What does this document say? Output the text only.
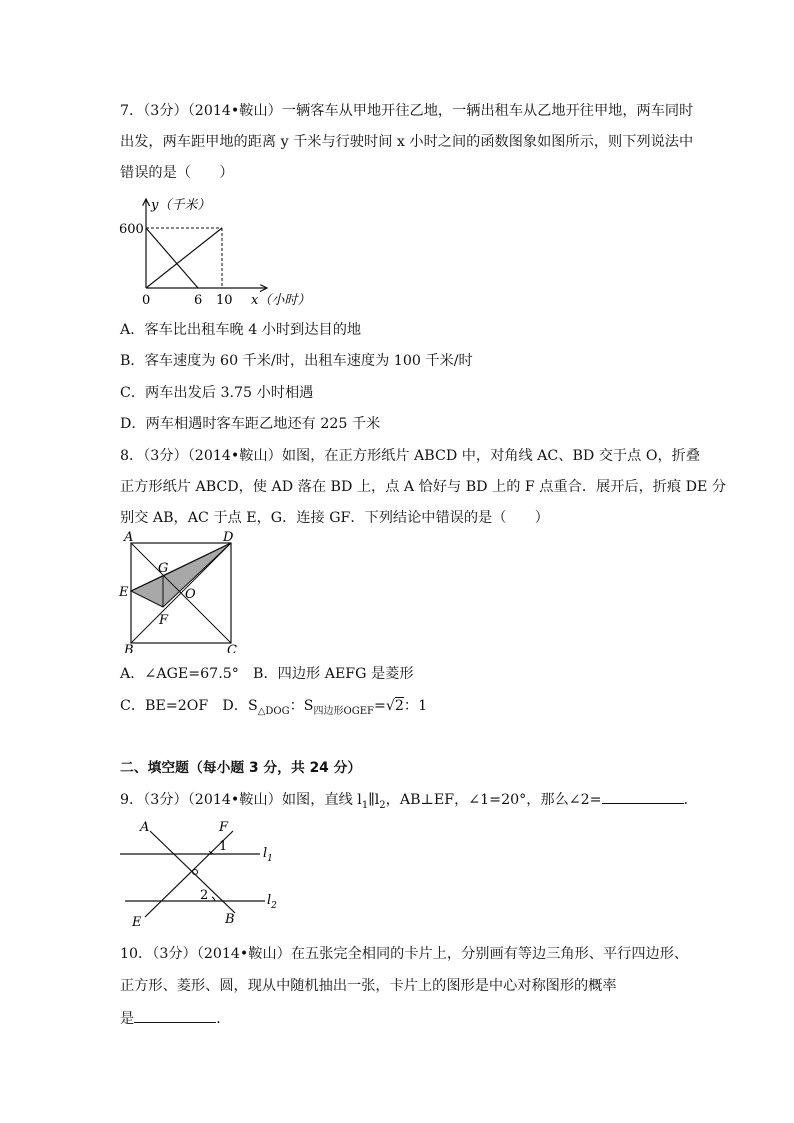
7．（3分）（2014•鞍山）一辆客车从甲地开往乙地，一辆出租车从乙地开往甲地，两车同时
出发，两车距甲地的距离 y 千米与行驶时间 x 小时之间的函数图象如图所示，则下列说法中
错误的是（　　）
y（千米）
600
0	6 10 x（小时）
A．客车比出租车晚 4 小时到达目的地
B．客车速度为 60 千米/时，出租车速度为 100 千米/时
C．两车出发后 3.75 小时相遇
D．两车相遇时客车距乙地还有 225 千米
8．（3分）（2014•鞍山）如图，在正方形纸片 ABCD 中，对角线 AC、BD 交于点 O，折叠
正方形纸片 ABCD，使 AD 落在 BD 上，点 A 恰好与 BD 上的 F 点重合．展开后，折痕 DE 分
别交 AB，AC 于点 E，G．连接 GF．下列结论中错误的是（　　）
A	D
G
E	O
F
B	C
A．∠AGE=67.5°　B．四边形 AEFG 是菱形
C．BE=2OF　D．$S_{\triangle DOG}$：$S_{四边形OGEF}=√2$：1
二、填空题（每小题 3 分，共 24 分）
9．（3分）（2014•鞍山）如图，直线 $l_1\parallel l_2$，AB⊥EF，∠1=20°，那么∠2=	．
A	F
1	$l_1$
2	$l_2$
E	B
10．（3分）（2014•鞍山）在五张完全相同的卡片上，分别画有等边三角形、平行四边形、
正方形、菱形、圆，现从中随机抽出一张，卡片上的图形是中心对称图形的概率
是	．
